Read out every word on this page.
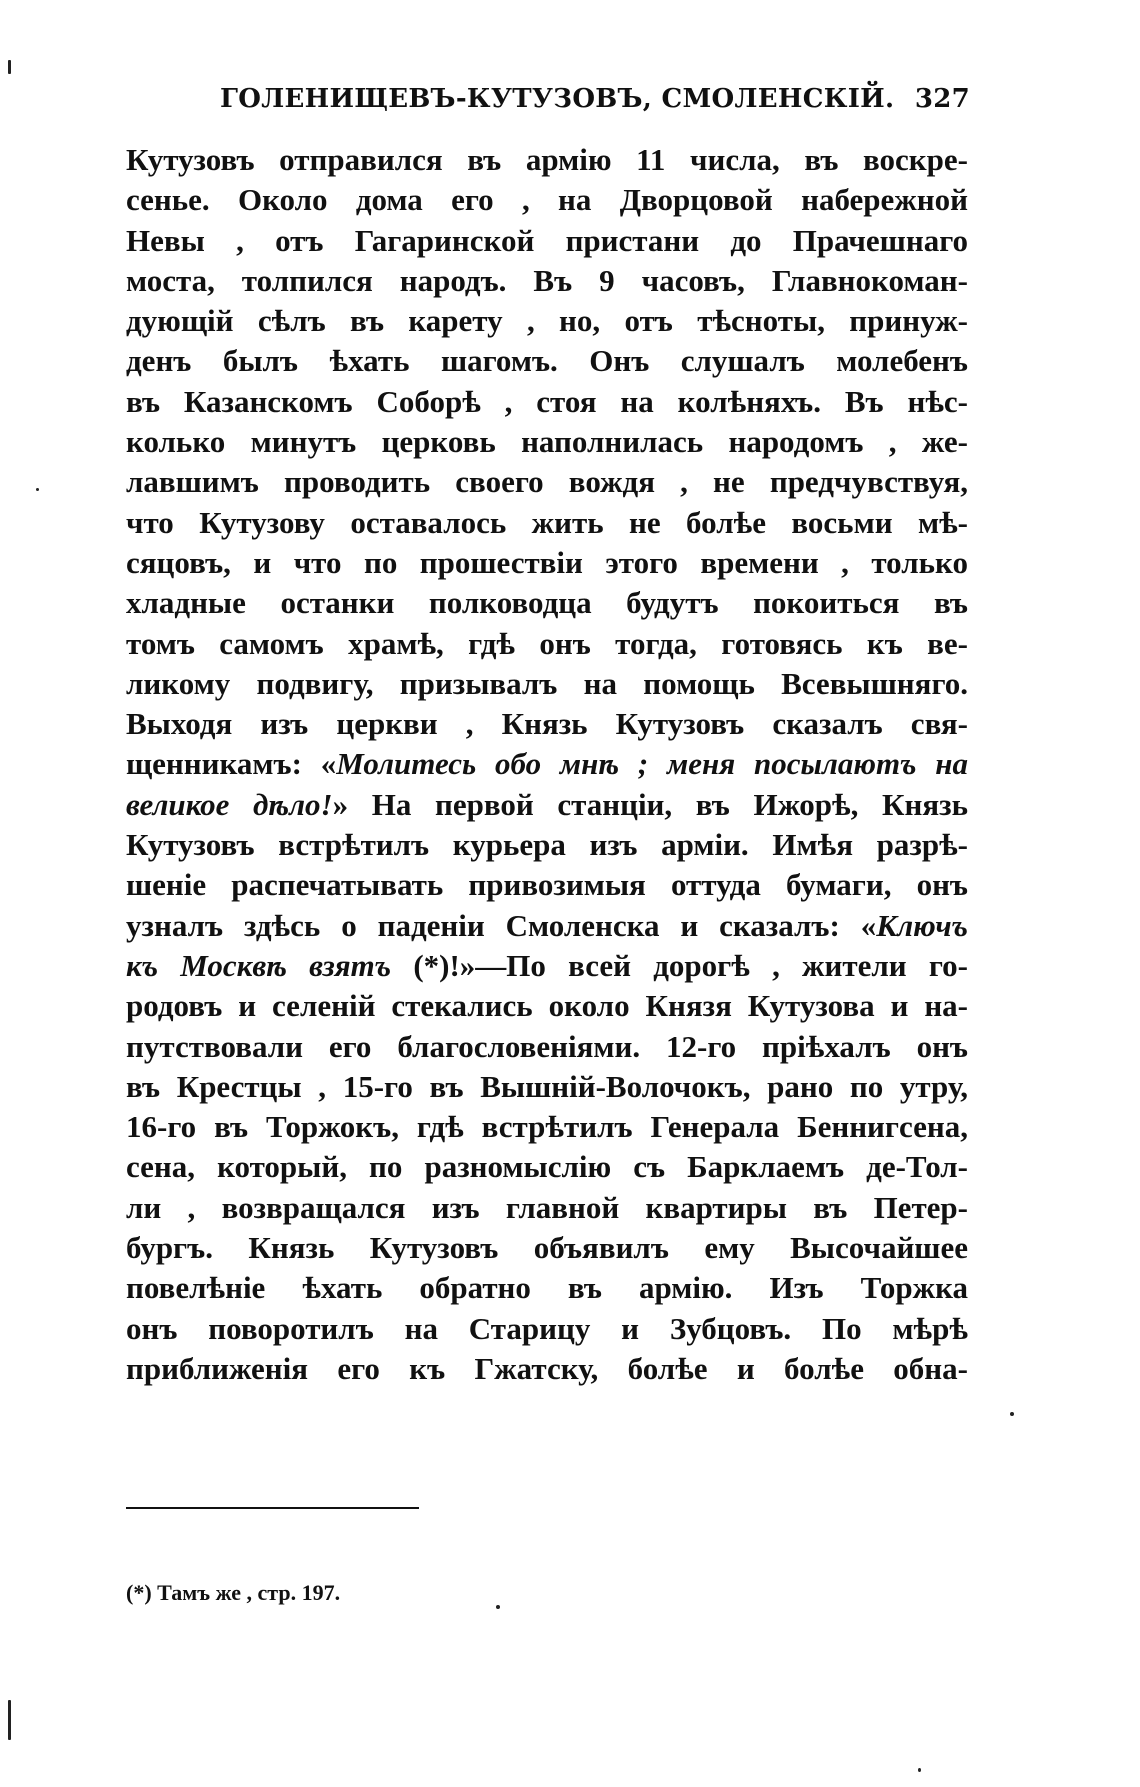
ГОЛЕНИЩЕВЪ-КУТУЗОВЪ, СМОЛЕНСКІЙ. 327
Кутузовъ отправился въ армію 11 числа, въ воскре-
сенье. Около дома его , на Дворцовой набережной
Невы , отъ Гагаринской пристани до Прачешнаго
моста, толпился народъ. Въ 9 часовъ, Главнокоман-
дующій сѣлъ въ карету , но, отъ тѣсноты, принуж-
денъ былъ ѣхать шагомъ. Онъ слушалъ молебенъ
въ Казанскомъ Соборѣ , стоя на колѣняхъ. Въ нѣс-
колько минутъ церковь наполнилась народомъ , же-
лавшимъ проводить своего вождя , не предчувствуя,
что Кутузову оставалось жить не болѣе восьми мѣ-
сяцовъ, и что по прошествіи этого времени , только
хладные останки полководца будутъ покоиться въ
томъ самомъ храмѣ, гдѣ онъ тогда, готовясь къ ве-
ликому подвигу, призывалъ на помощь Всевышняго.
Выходя изъ церкви , Князь Кутузовъ сказалъ свя-
щенникамъ: «Молитесь обо мнѣ ; меня посылаютъ на
великое дѣло!» На первой станціи, въ Ижорѣ, Князь
Кутузовъ встрѣтилъ курьера изъ арміи. Имѣя разрѣ-
шеніе распечатывать привозимыя оттуда бумаги, онъ
узналъ здѣсь о паденіи Смоленска и сказалъ: «Ключъ
къ Москвѣ взятъ (*)!»—По всей дорогѣ , жители го-
родовъ и селеній стекались около Князя Кутузова и на-
путствовали его благословеніями. 12-го пріѣхалъ онъ
въ Крестцы , 15-го въ Вышній-Волочокъ, рано по утру,
16-го въ Торжокъ, гдѣ встрѣтилъ Генерала Беннигсена,
сена, который, по разномыслію съ Барклаемъ де-Тол-
ли , возвращался изъ главной квартиры въ Петер-
бургъ. Князь Кутузовъ объявилъ ему Высочайшее
повелѣніе ѣхать обратно въ армію. Изъ Торжка
онъ поворотилъ на Старицу и Зубцовъ. По мѣрѣ
приближенія его къ Гжатску, болѣе и болѣе обна-
(*) Тамъ же , стр. 197.
